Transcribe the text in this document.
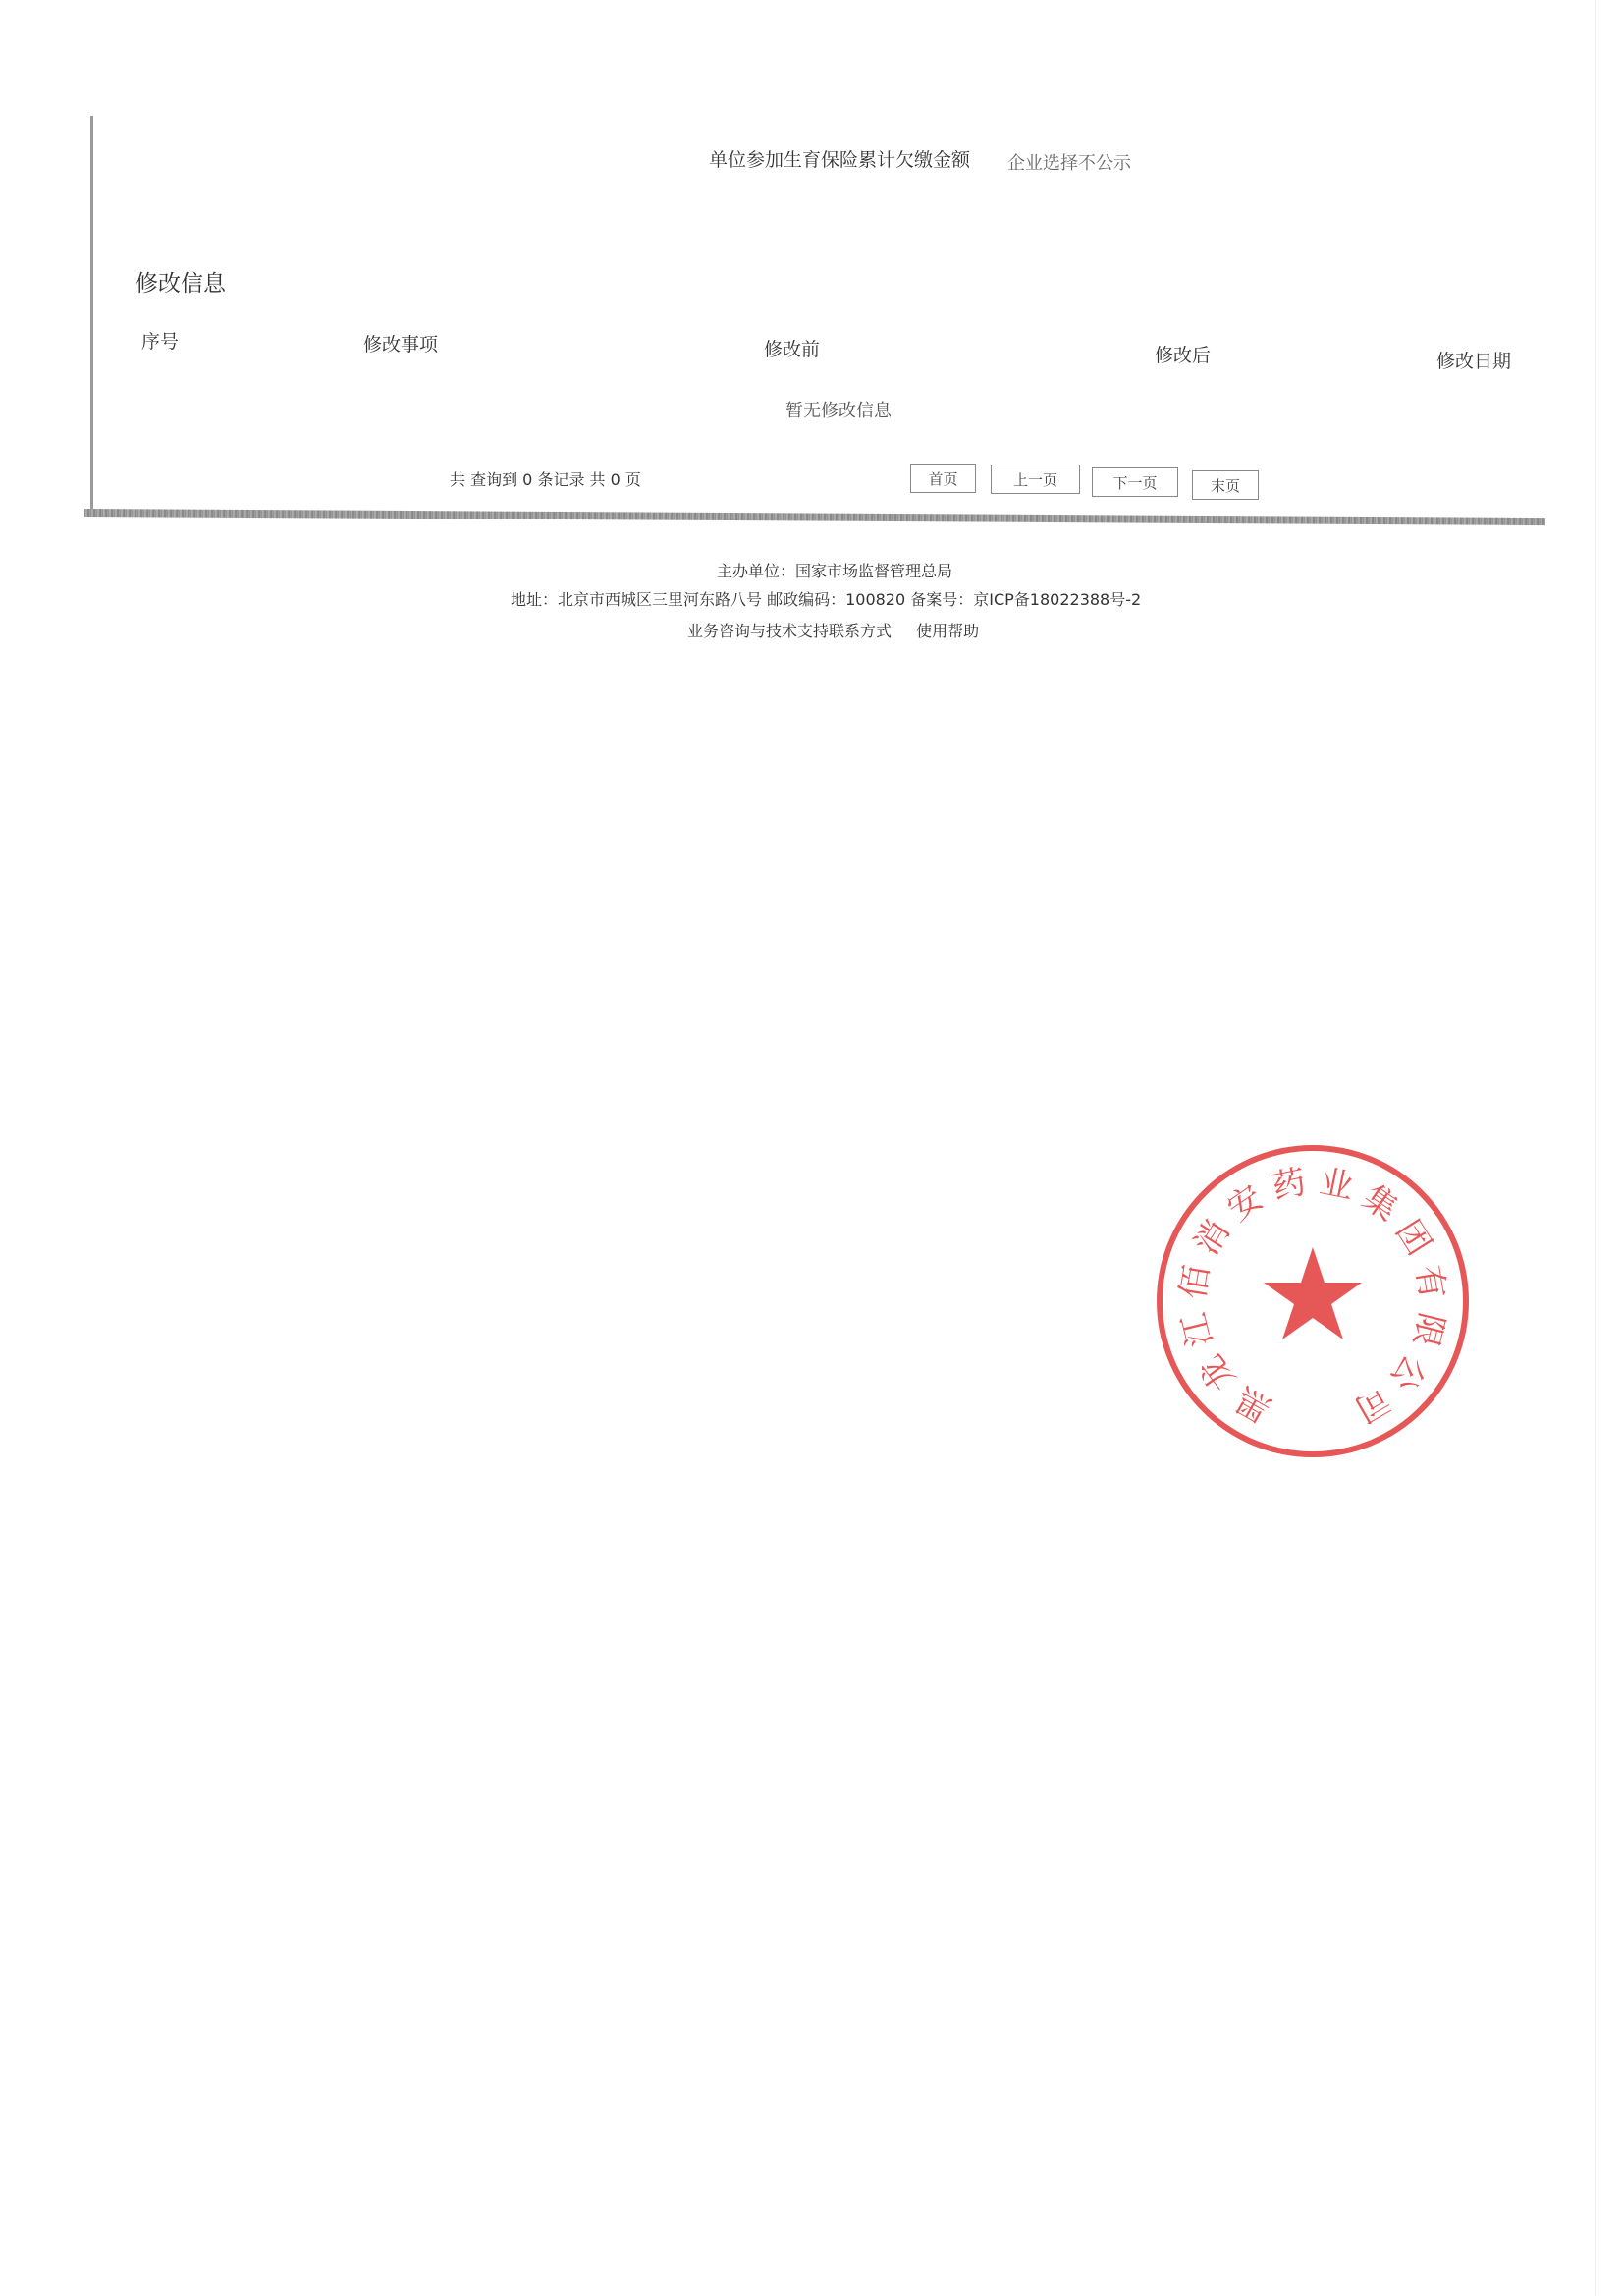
单位参加生育保险累计欠缴金额 企业选择不公示
修改信息
序号	修改事项	修改前	修改后	修改日期
暂无修改信息
共 查询到 0 条记录 共 0 页	首页	上一页	下一页	末页
主办单位：国家市场监督管理总局
地址：北京市西城区三里河东路八号 邮政编码：100820 备案号：京ICP备18022388号-2
业务咨询与技术支持联系方式 使用帮助
黑
龙
江
佰
消
安
药 业
集
团
有
限
公
司
